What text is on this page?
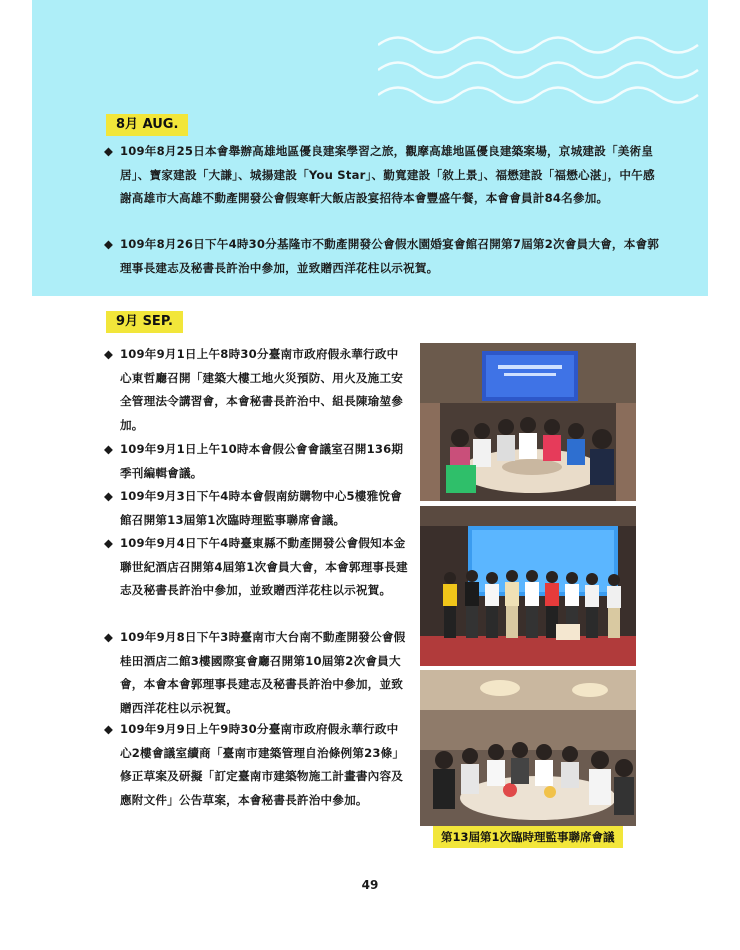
8月 AUG.
◆ 109年8月25日本會舉辦高雄地區優良建案學習之旅，觀摩高雄地區優良建築案場，京城建設「美術皇居」、寶家建設「大謙」、城揚建設「You Star」、勤寬建設「敘上景」、福懋建設「福懋心湛」，中午感謝高雄市大高雄不動產開發公會假寒軒大飯店設宴招待本會豐盛午餐，本會會員計84名參加。
◆ 109年8月26日下午4時30分基隆市不動產開發公會假水園婚宴會館召開第7屆第2次會員大會，本會郭理事長建志及秘書長許治中參加，並致贈西洋花柱以示祝賀。
9月 SEP.
◆ 109年9月1日上午8時30分臺南市政府假永華行政中心東哲廳召開「建築大樓工地火災預防、用火及施工安全管理法令講習會，本會秘書長許治中、組長陳瑜堃參加。
◆ 109年9月1日上午10時本會假公會會議室召開136期季刊編輯會議。
◆ 109年9月3日下午4時本會假南紡購物中心5樓雅悅會館召開第13屆第1次臨時理監事聯席會議。
◆ 109年9月4日下午4時臺東縣不動產開發公會假知本金聯世紀酒店召開第4屆第1次會員大會，本會郭理事長建志及秘書長許治中參加，並致贈西洋花柱以示祝賀。
◆ 109年9月8日下午3時臺南市大台南不動產開發公會假桂田酒店二館3樓國際宴會廳召開第10屆第2次會員大會，本會本會郭理事長建志及秘書長許治中參加，並致贈西洋花柱以示祝賀。
◆ 109年9月9日上午9時30分臺南市政府假永華行政中心2樓會議室續商「臺南市建築管理自治條例第23條」修正草案及研擬「訂定臺南市建築物施工計畫書內容及應附文件」公告草案，本會秘書長許治中參加。
第13屆第1次臨時理監事聯席會議
49
